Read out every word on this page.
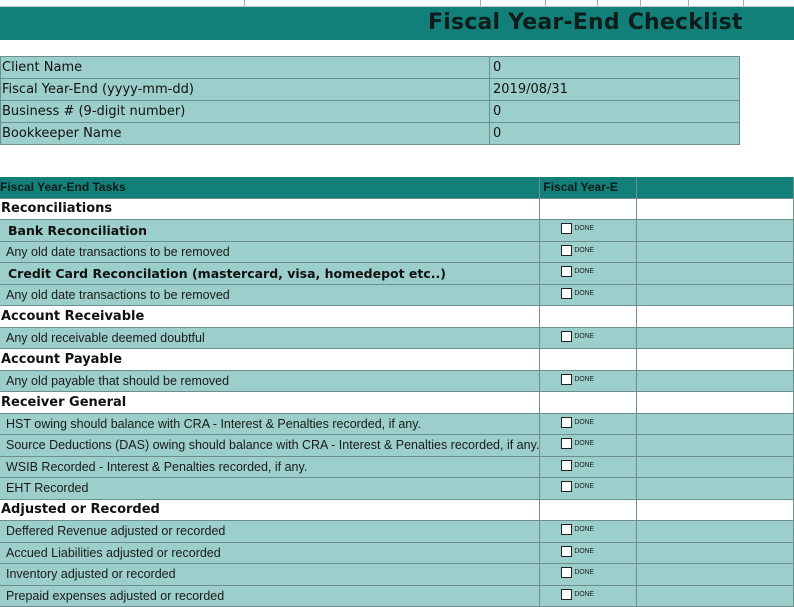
Fiscal Year-End Checklist
Client Name	0
Fiscal Year-End (yyyy-mm-dd)	2019/08/31
Business # (9-digit number)	0
Bookkeeper Name	0
Fiscal Year-End Tasks	Fiscal Year-E	
Reconciliations		
Bank Reconciliation	DONE	

Any old date transactions to be removed	DONE	

Credit Card Reconcilation (mastercard, visa, homedepot etc..)	DONE	

Any old date transactions to be removed	DONE	

Account Receivable		
Any old receivable deemed doubtful	DONE	

Account Payable		
Any old payable that should be removed	DONE	

Receiver General		
HST owing should balance with CRA - Interest & Penalties recorded, if any.	DONE	

Source Deductions (DAS) owing should balance with CRA - Interest & Penalties recorded, if any.	DONE	

WSIB Recorded - Interest & Penalties recorded, if any.	DONE	

EHT Recorded	DONE	

Adjusted or Recorded		
Deffered Revenue adjusted or recorded	DONE	

Accued Liabilities adjusted or recorded	DONE	

Inventory adjusted or recorded	DONE	

Prepaid expenses adjusted or recorded	DONE	
